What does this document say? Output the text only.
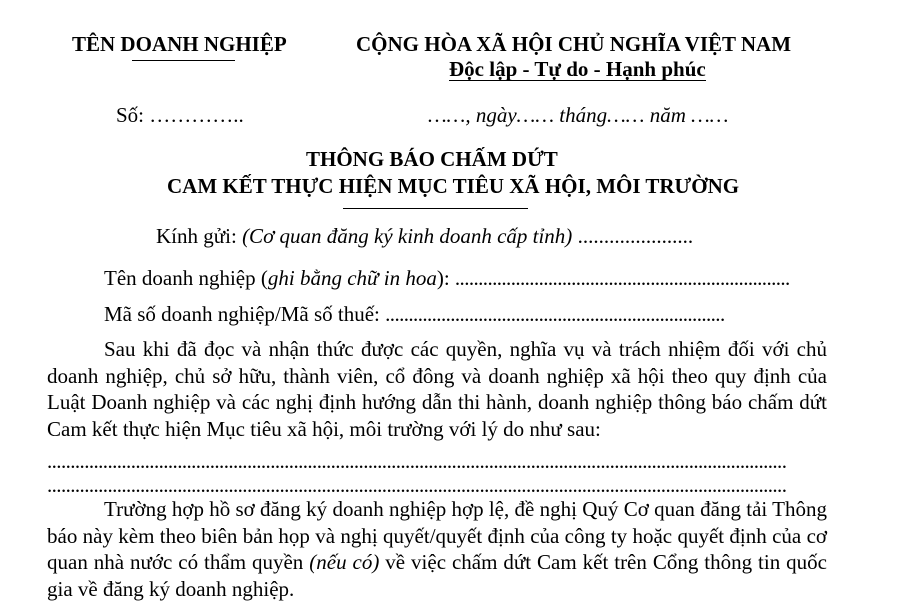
TÊN DOANH NGHIỆP	CỘNG HÒA XÃ HỘI CHỦ NGHĨA VIỆT NAM
Độc lập - Tự do - Hạnh phúc
Số: …………..	……, ngày…… tháng…… năm ……
THÔNG BÁO CHẤM DỨT
CAM KẾT THỰC HIỆN MỤC TIÊU XÃ HỘI, MÔI TRƯỜNG
Kính gửi: (Cơ quan đăng ký kinh doanh cấp tỉnh) ......................
Tên doanh nghiệp (ghi bằng chữ in hoa): ........................................................................
Mã số doanh nghiệp/Mã số thuế: .........................................................................
Sau khi đã đọc và nhận thức được các quyền, nghĩa vụ và trách nhiệm đối với chủ doanh nghiệp, chủ sở hữu, thành viên, cổ đông và doanh nghiệp xã hội theo quy định của Luật Doanh nghiệp và các nghị định hướng dẫn thi hành, doanh nghiệp thông báo chấm dứt Cam kết thực hiện Mục tiêu xã hội, môi trường với lý do như sau:
...............................................................................................................................................................
...............................................................................................................................................................
Trường hợp hồ sơ đăng ký doanh nghiệp hợp lệ, đề nghị Quý Cơ quan đăng tải Thông báo này kèm theo biên bản họp và nghị quyết/quyết định của công ty hoặc quyết định của cơ quan nhà nước có thẩm quyền (nếu có) về việc chấm dứt Cam kết trên Cổng thông tin quốc gia về đăng ký doanh nghiệp.
